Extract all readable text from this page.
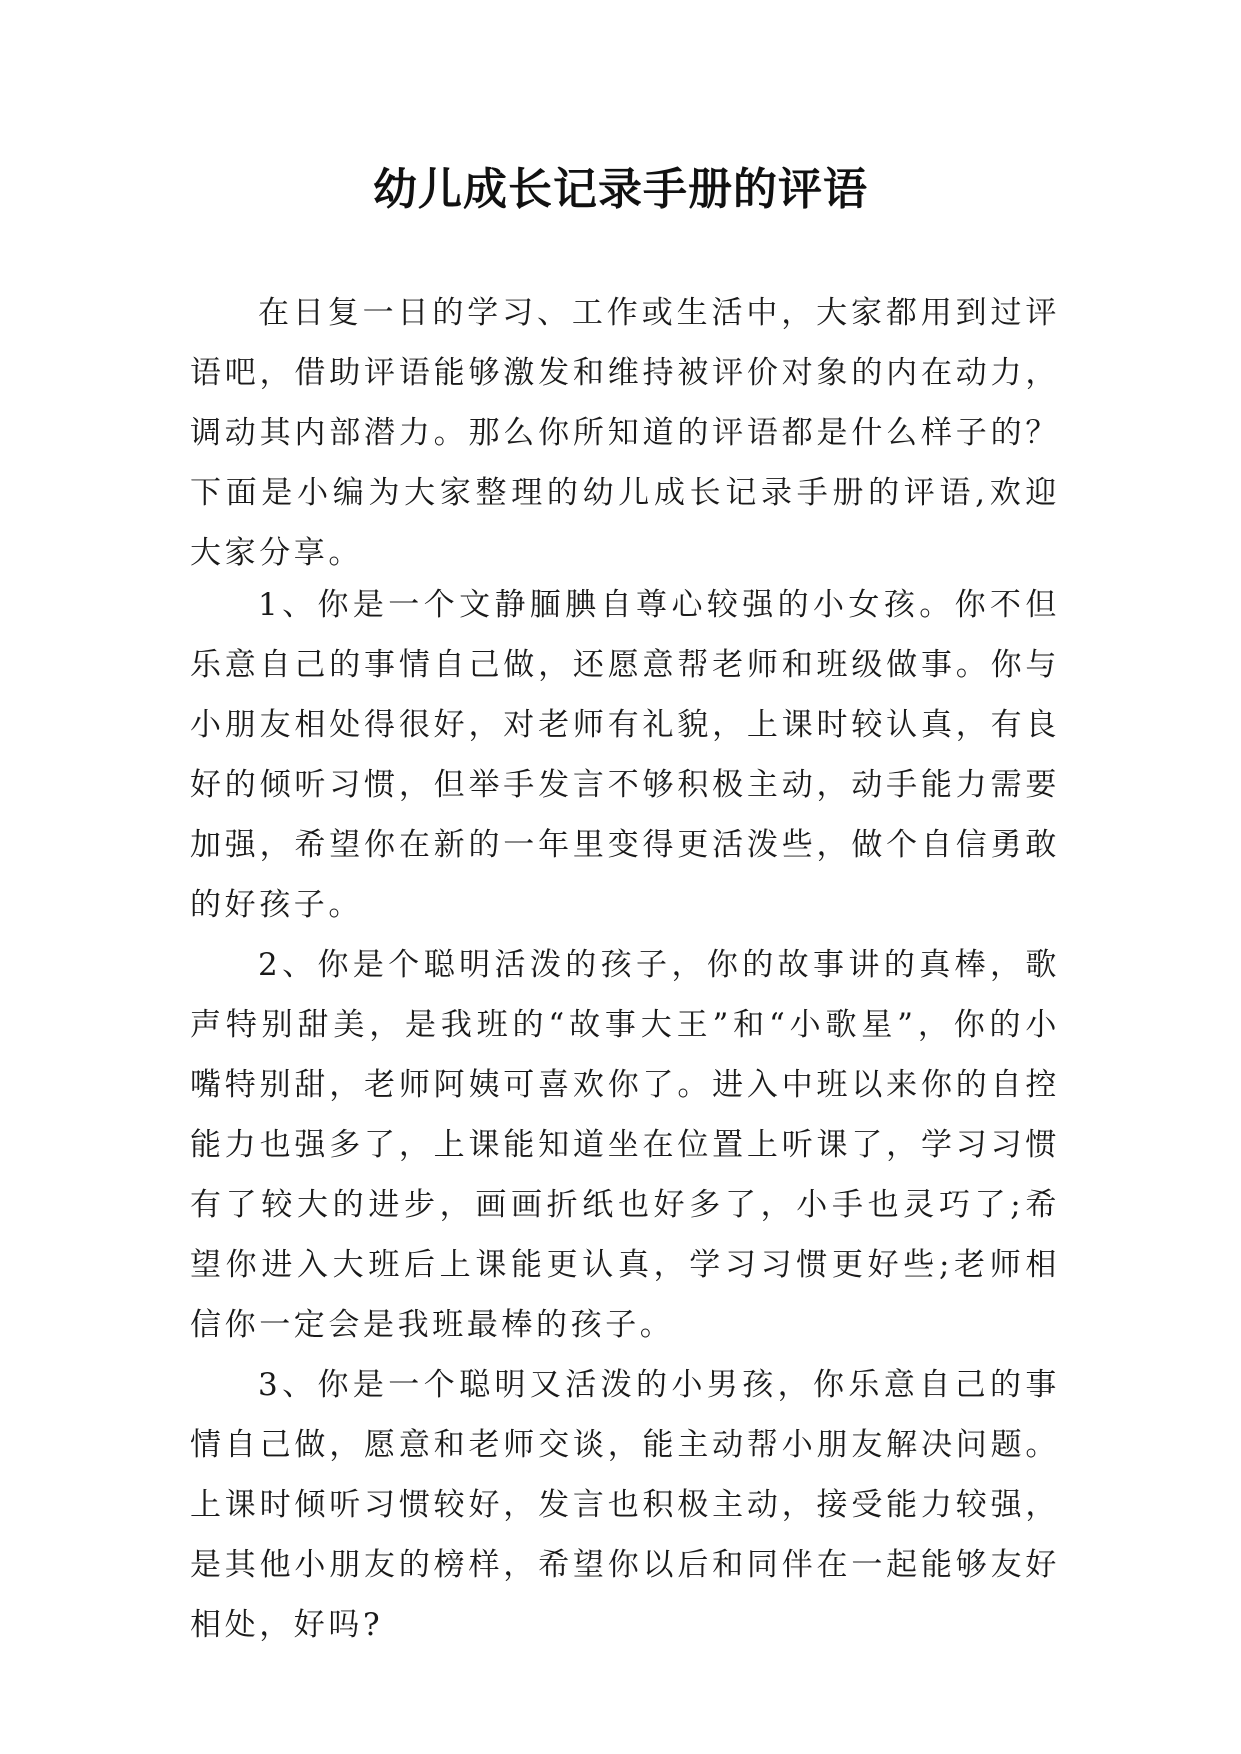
幼儿成长记录手册的评语

在日复一日的学习、工作或生活中，大家都用到过评语吧，借助评语能够激发和维持被评价对象的内在动力，调动其内部潜力。那么你所知道的评语都是什么样子的？下面是小编为大家整理的幼儿成长记录手册的评语,欢迎大家分享。

1、你是一个文静腼腆自尊心较强的小女孩。你不但乐意自己的事情自己做，还愿意帮老师和班级做事。你与小朋友相处得很好，对老师有礼貌，上课时较认真，有良好的倾听习惯，但举手发言不够积极主动，动手能力需要加强，希望你在新的一年里变得更活泼些，做个自信勇敢的好孩子。

2、你是个聪明活泼的孩子，你的故事讲的真棒，歌声特别甜美，是我班的“故事大王”和“小歌星”，你的小嘴特别甜，老师阿姨可喜欢你了。进入中班以来你的自控能力也强多了，上课能知道坐在位置上听课了，学习习惯有了较大的进步，画画折纸也好多了，小手也灵巧了;希望你进入大班后上课能更认真，学习习惯更好些;老师相信你一定会是我班最棒的孩子。

3、你是一个聪明又活泼的小男孩，你乐意自己的事情自己做，愿意和老师交谈，能主动帮小朋友解决问题。上课时倾听习惯较好，发言也积极主动，接受能力较强，是其他小朋友的榜样，希望你以后和同伴在一起能够友好相处，好吗?
